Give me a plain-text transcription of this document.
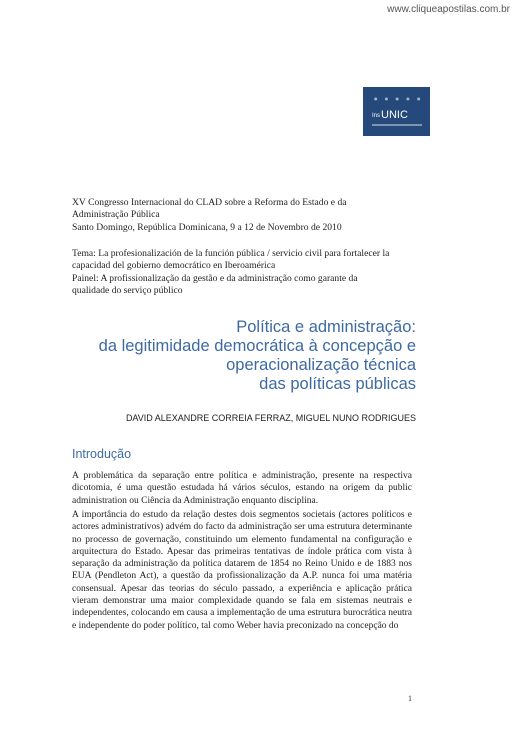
www.cliqueapostilas.com.br
● ● ● ● ●
InsUNIC
XV Congresso Internacional do CLAD sobre a Reforma do Estado e da
Administração Pública
Santo Domingo, República Dominicana, 9 a 12 de Novembro de 2010
Tema: La profesionalización de la función pública / servicio civil para fortalecer la
capacidad del gobierno democrático en Iberoamérica
Painel: A profissionalização da gestão e da administração como garante da
qualidade do serviço público
Política e administração:
da legitimidade democrática à concepção e
operacionalização técnica
das políticas públicas
DAVID ALEXANDRE CORREIA FERRAZ, MIGUEL NUNO RODRIGUES
Introdução

A problemática da separação entre política e administração, presente na respectiva dicotomia, é uma questão estudada há vários séculos, estando na origem da public administration ou Ciência da Administração enquanto disciplina.

A importância do estudo da relação destes dois segmentos societais (actores políticos e actores administrativos) advém do facto da administração ser uma estrutura determinante no processo de governação, constituindo um elemento fundamental na configuração e arquitectura do Estado. Apesar das primeiras tentativas de índole prática com vista à separação da administração da política datarem de 1854 no Reino Unido e de 1883 nos EUA (Pendleton Act), a questão da profissionalização da A.P. nunca foi uma matéria consensual. Apesar das teorias do século passado, a experiência e aplicação prática vieram demonstrar uma maior complexidade quando se fala em sistemas neutrais e independentes, colocando em causa a implementação de uma estrutura burocrática neutra e independente do poder político, tal como Weber havia preconizado na concepção do

1
